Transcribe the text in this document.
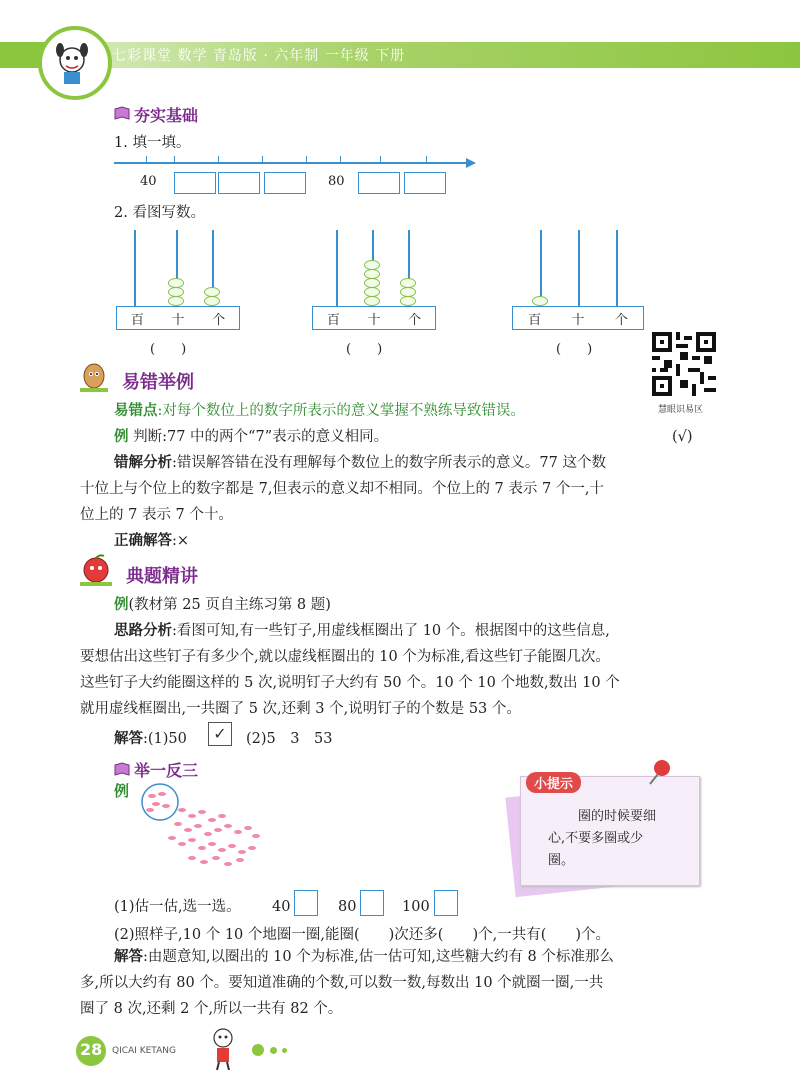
七彩课堂 数学 青岛版 · 六年制 一年级 下册
夯实基础
1. 填一填。
40	80
2. 看图写数。
百 十 个
(　　)
百 十 个
(　　)
百 十 个
(　　)
慧眼识易区
易错举例
易错点:对每个数位上的数字所表示的意义掌握不熟练导致错误。
例 判断:77 中的两个“7”表示的意义相同。	(√)
错解分析:错误解答错在没有理解每个数位上的数字所表示的意义。77 这个数
十位上与个位上的数字都是 7,但表示的意义却不相同。个位上的 7 表示 7 个一,十
位上的 7 表示 7 个十。
正确解答:×
典题精讲
例(教材第 25 页自主练习第 8 题)
思路分析:看图可知,有一些钉子,用虚线框圈出了 10 个。根据图中的这些信息,
要想估出这些钉子有多少个,就以虚线框圈出的 10 个为标准,看这些钉子能圈几次。
这些钉子大约能圈这样的 5 次,说明钉子大约有 50 个。10 个 10 个地数,数出 10 个
就用虚线框圈出,一共圈了 5 次,还剩 3 个,说明钉子的个数是 53 个。
解答:(1)50	✓	(2)5　3　53
举一反三
例	小提示
圈的时候要细
心,不要多圈或少
圈。
(1)估一估,选一选。 40	80	100
(2)照样子,10 个 10 个地圈一圈,能圈(　　)次还多(　　)个,一共有(　　)个。
解答:由题意知,以圈出的 10 个为标准,估一估可知,这些糖大约有 8 个标准那么
多,所以大约有 80 个。要知道准确的个数,可以数一数,每数出 10 个就圈一圈,一共
圈了 8 次,还剩 2 个,所以一共有 82 个。
28 QICAI KETANG
